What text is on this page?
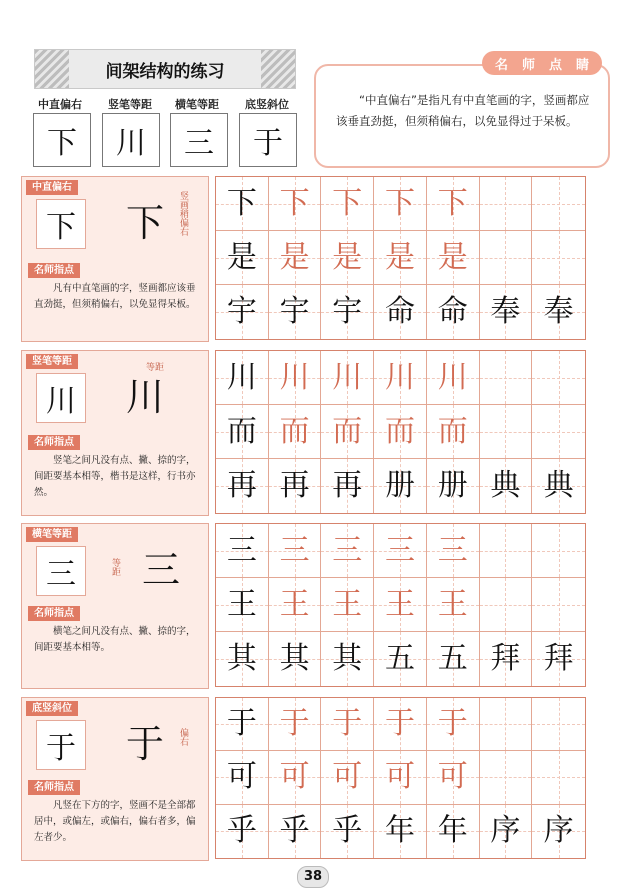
间架结构的练习
中直偏右	竖笔等距	横笔等距	底竖斜位
下	川	三	于
“中直偏右”是指凡有中直笔画的字，竖画都应该垂直劲挺，但须稍偏右，以免显得过于呆板。
名 师 点 睛
中直偏右
下 下	竖画稍偏右
名师指点
凡有中直笔画的字，竖画都应该垂直劲挺，但须稍偏右，以免显得呆板。
竖笔等距
川 川
等距
名师指点
竖笔之间凡没有点、撇、捺的字，间距要基本相等，楷书是这样，行书亦然。
横笔等距
三 三
等距
名师指点
横笔之间凡没有点、撇、捺的字，间距要基本相等。
底竖斜位
于 于	偏右
名师指点
凡竖在下方的字，竖画不是全部都居中，或偏左，或偏右，偏右者多，偏左者少。
下 下 下 下 下
是 是 是 是 是
宇 宇 宇 命 命 奉 奉
川 川 川 川 川
而 而 而 而 而
再 再 再 册 册 典 典
三 三 三 三 三
王 王 王 王 王
其 其 其 五 五 拜 拜
于 于 于 于 于
可 可 可 可 可
乎 乎 乎 年 年 序 序
38
